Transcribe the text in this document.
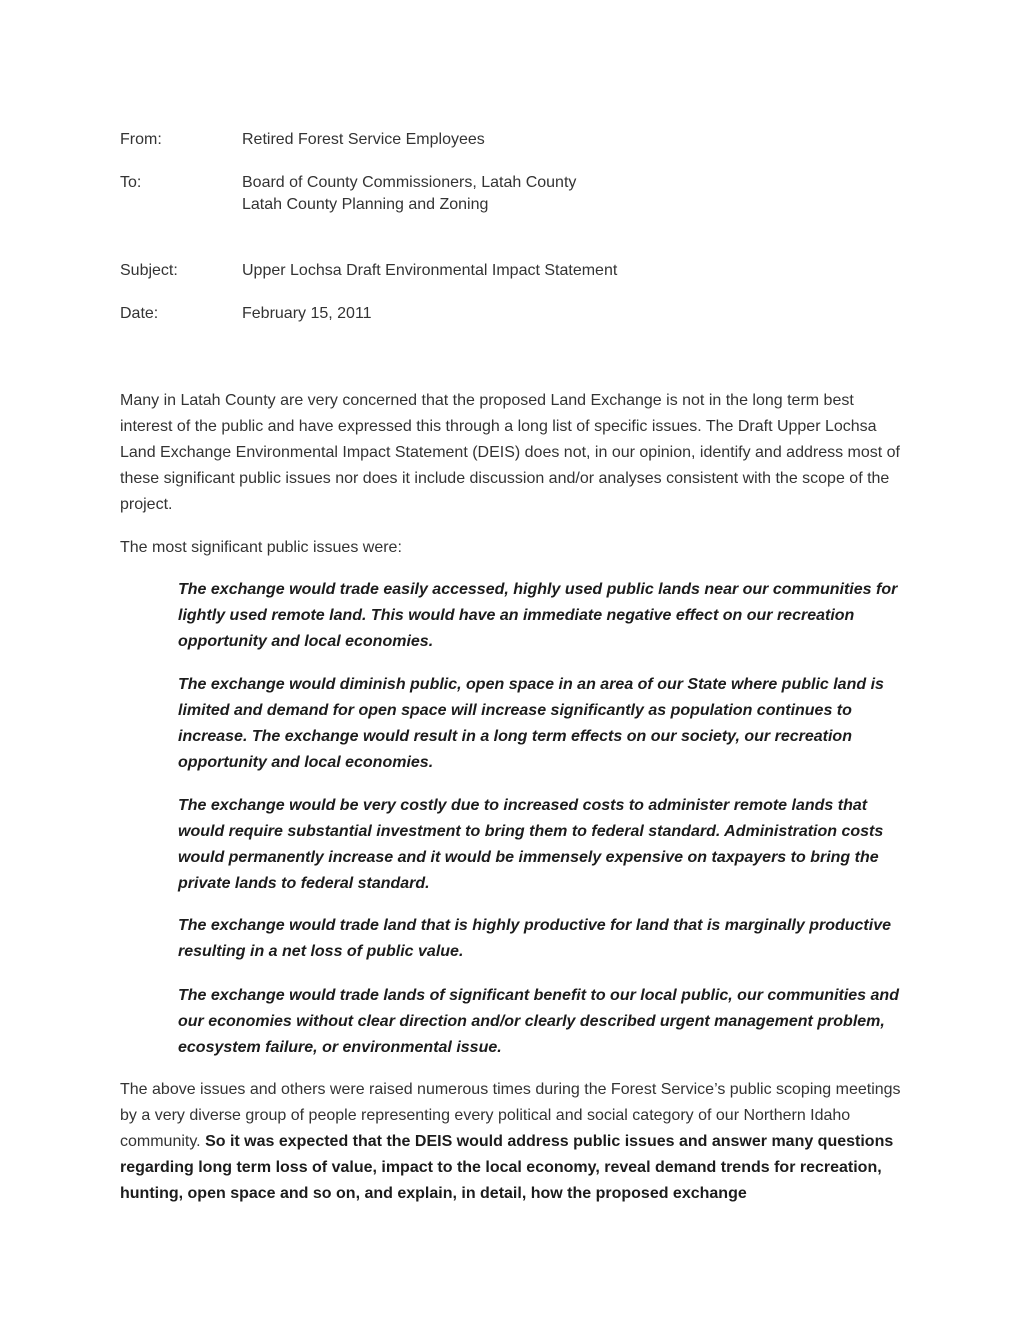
From:	Retired Forest Service Employees
To:	Board of County Commissioners, Latah County
Latah County Planning and Zoning
Subject:	Upper Lochsa Draft Environmental Impact Statement
Date:	February 15, 2011

Many in Latah County are very concerned that the proposed Land Exchange is not in the long term best interest of the public and have expressed this through a long list of specific issues. The Draft Upper Lochsa Land Exchange Environmental Impact Statement (DEIS) does not, in our opinion, identify and address most of these significant public issues nor does it include discussion and/or analyses consistent with the scope of the project.

The most significant public issues were:

The exchange would trade easily accessed, highly used public lands near our communities for lightly used remote land. This would have an immediate negative effect on our recreation opportunity and local economies.

The exchange would diminish public, open space in an area of our State where public land is limited and demand for open space will increase significantly as population continues to increase. The exchange would result in a long term effects on our society, our recreation opportunity and local economies.

The exchange would be very costly due to increased costs to administer remote lands that would require substantial investment to bring them to federal standard. Administration costs would permanently increase and it would be immensely expensive on taxpayers to bring the private lands to federal standard.

The exchange would trade land that is highly productive for land that is marginally productive resulting in a net loss of public value.

The exchange would trade lands of significant benefit to our local public, our communities and our economies without clear direction and/or clearly described urgent management problem, ecosystem failure, or environmental issue.

The above issues and others were raised numerous times during the Forest Service’s public scoping meetings by a very diverse group of people representing every political and social category of our Northern Idaho community. So it was expected that the DEIS would address public issues and answer many questions regarding long term loss of value, impact to the local economy, reveal demand trends for recreation, hunting, open space and so on, and explain, in detail, how the proposed exchange
